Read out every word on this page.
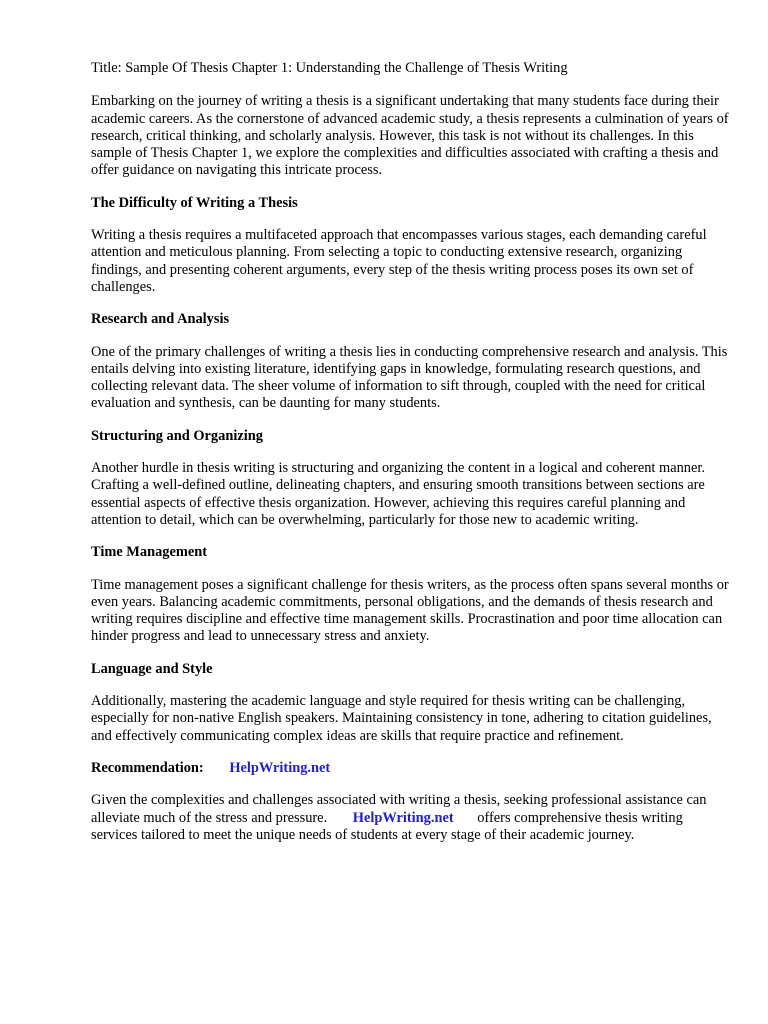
Title: Sample Of Thesis Chapter 1: Understanding the Challenge of Thesis Writing

Embarking on the journey of writing a thesis is a significant undertaking that many students face during their academic careers. As the cornerstone of advanced academic study, a thesis represents a culmination of years of research, critical thinking, and scholarly analysis. However, this task is not without its challenges. In this sample of Thesis Chapter 1, we explore the complexities and difficulties associated with crafting a thesis and offer guidance on navigating this intricate process.

The Difficulty of Writing a Thesis

Writing a thesis requires a multifaceted approach that encompasses various stages, each demanding careful attention and meticulous planning. From selecting a topic to conducting extensive research, organizing findings, and presenting coherent arguments, every step of the thesis writing process poses its own set of challenges.

Research and Analysis

One of the primary challenges of writing a thesis lies in conducting comprehensive research and analysis. This entails delving into existing literature, identifying gaps in knowledge, formulating research questions, and collecting relevant data. The sheer volume of information to sift through, coupled with the need for critical evaluation and synthesis, can be daunting for many students.

Structuring and Organizing

Another hurdle in thesis writing is structuring and organizing the content in a logical and coherent manner. Crafting a well-defined outline, delineating chapters, and ensuring smooth transitions between sections are essential aspects of effective thesis organization. However, achieving this requires careful planning and attention to detail, which can be overwhelming, particularly for those new to academic writing.

Time Management

Time management poses a significant challenge for thesis writers, as the process often spans several months or even years. Balancing academic commitments, personal obligations, and the demands of thesis research and writing requires discipline and effective time management skills. Procrastination and poor time allocation can hinder progress and lead to unnecessary stress and anxiety.

Language and Style

Additionally, mastering the academic language and style required for thesis writing can be challenging, especially for non-native English speakers. Maintaining consistency in tone, adhering to citation guidelines, and effectively communicating complex ideas are skills that require practice and refinement.

Recommendation: HelpWriting.net

Given the complexities and challenges associated with writing a thesis, seeking professional assistance can alleviate much of the stress and pressure. HelpWriting.net offers comprehensive thesis writing services tailored to meet the unique needs of students at every stage of their academic journey.
